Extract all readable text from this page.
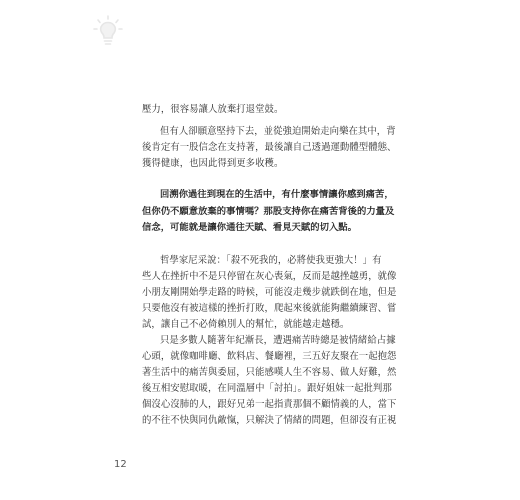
壓力，很容易讓人放棄打退堂鼓。
但有人卻願意堅持下去，並從強迫開始走向樂在其中，背
後肯定有一股信念在支持著，最後讓自己透過運動體型體態、
獲得健康，也因此得到更多收穫。
回溯你過往到現在的生活中，有什麼事情讓你感到痛苦，
但你仍不願意放棄的事情嗎？那股支持你在痛苦背後的力量及
信念，可能就是讓你通往天賦、看見天賦的切入點。
哲學家尼采說：「殺不死我的，必將使我更強大！」有
些人在挫折中不是只停留在灰心喪氣，反而是越挫越勇，就像
小朋友剛開始學走路的時候，可能沒走幾步就跌倒在地，但是
只要他沒有被這樣的挫折打敗，爬起來後就能夠繼續練習、嘗
試，讓自己不必倚賴別人的幫忙，就能越走越穩。
只是多數人隨著年紀漸長，遭遇痛苦時總是被情緒給占據
心頭，就像咖啡廳、飲料店、餐廳裡，三五好友聚在一起抱怨
著生活中的痛苦與委屈，只能感嘆人生不容易、做人好難，然
後互相安慰取暖，在同溫層中「討拍」。跟好姐妹一起批判那
個沒心沒肺的人，跟好兄弟一起指責那個不顧情義的人，當下
的不往不快與同仇敵愾，只解決了情緒的問題，但卻沒有正視
12
